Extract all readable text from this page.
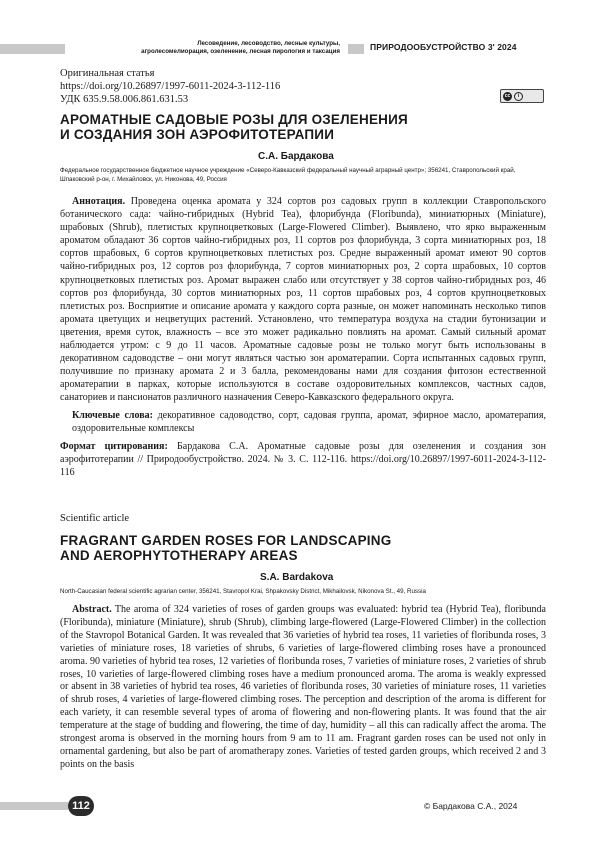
Лесоведение, лесоводство, лесные культуры,
агролесомелиорация, озеленение, лесная пирология и таксация	ПРИРОДООБУСТРОЙСТВО 3' 2024
Оригинальная статья
https://doi.org/10.26897/1997-6011-2024-3-112-116
УДК 635.9.58.006.861.631.53	cc	i
АРОМАТНЫЕ САДОВЫЕ РОЗЫ ДЛЯ ОЗЕЛЕНЕНИЯ
И СОЗДАНИЯ ЗОН АЭРОФИТОТЕРАПИИ
С.А. Бардакова
Федеральное государственное бюджетное научное учреждение «Северо-Кавказский федеральный научный аграрный центр»; 356241, Ставропольский край, Шпаковский р-он, г. Михайловск, ул. Никонова, 49, Россия
Аннотация. Проведена оценка аромата у 324 сортов роз садовых групп в коллекции Ставропольского ботанического сада: чайно-гибридных (Hybrid Tea), флорибунда (Floribunda), миниатюрных (Miniature), шрабовых (Shrub), плетистых крупноцветковых (Large-Flowered Climber). Выявлено, что ярко выраженным ароматом обладают 36 сортов чайно-гибридных роз, 11 сортов роз флорибунда, 3 сорта миниатюрных роз, 18 сортов шрабовых, 6 сортов крупноцветковых плетистых роз. Средне выраженный аромат имеют 90 сортов чайно-гибридных роз, 12 сортов роз флорибунда, 7 сортов миниатюрных роз, 2 сорта шрабовых, 10 сортов крупноцветковых плетистых роз. Аромат выражен слабо или отсутствует у 38 сортов чайно-гибридных роз, 46 сортов роз флорибунда, 30 сортов миниатюрных роз, 11 сортов шрабовых роз, 4 сортов крупноцветковых плетистых роз. Восприятие и описание аромата у каждого сорта разные, он может напоминать несколько типов аромата цветущих и нецветущих растений. Установлено, что температура воздуха на стадии бутонизации и цветения, время суток, влажность – все это может радикально повлиять на аромат. Самый сильный аромат наблюдается утром: с 9 до 11 часов. Ароматные садовые розы не только могут быть использованы в декоративном садоводстве – они могут являться частью зон ароматерапии. Сорта испытанных садовых групп, получившие по признаку аромата 2 и 3 балла, рекомендованы нами для создания фитозон естественной ароматерапии в парках, которые используются в составе оздоровительных комплексов, частных садов, санаториев и пансионатов различного назначения Северо-Кавказского федерального округа.
Ключевые слова: декоративное садоводство, сорт, садовая группа, аромат, эфирное масло, ароматерапия, оздоровительные комплексы
Формат цитирования: Бардакова С.А. Ароматные садовые розы для озеленения и создания зон аэрофитотерапии // Природообустройство. 2024. № 3. С. 112-116. https://doi.org/10.26897/1997-6011-2024-3-112-116
Scientific article
FRAGRANT GARDEN ROSES FOR LANDSCAPING
AND AEROPHYTOTHERAPY AREAS
S.A. Bardakova
North-Caucasian federal scientific agrarian center, 356241, Stavropol Krai, Shpakovsky District, Mikhailovsk, Nikonova St., 49, Russia
Abstract. The aroma of 324 varieties of roses of garden groups was evaluated: hybrid tea (Hybrid Tea), floribunda (Floribunda), miniature (Miniature), shrub (Shrub), climbing large-flowered (Large-Flowered Climber) in the collection of the Stavropol Botanical Garden. It was revealed that 36 varieties of hybrid tea roses, 11 varieties of floribunda roses, 3 varieties of miniature roses, 18 varieties of shrubs, 6 varieties of large-flowered climbing roses have a pronounced aroma. 90 varieties of hybrid tea roses, 12 varieties of floribunda roses, 7 varieties of miniature roses, 2 varieties of shrub roses, 10 varieties of large-flowered climbing roses have a medium pronounced aroma. The aroma is weakly expressed or absent in 38 varieties of hybrid tea roses, 46 varieties of floribunda roses, 30 varieties of miniature roses, 11 varieties of shrub roses, 4 varieties of large-flowered climbing roses. The perception and description of the aroma is different for each variety, it can resemble several types of aroma of flowering and non-flowering plants. It was found that the air temperature at the stage of budding and flowering, the time of day, humidity – all this can radically affect the aroma. The strongest aroma is observed in the morning hours from 9 am to 11 am. Fragrant garden roses can be used not only in ornamental gardening, but also be part of aromatherapy zones. Varieties of tested garden groups, which received 2 and 3 points on the basis
112	© Бардакова С.А., 2024
